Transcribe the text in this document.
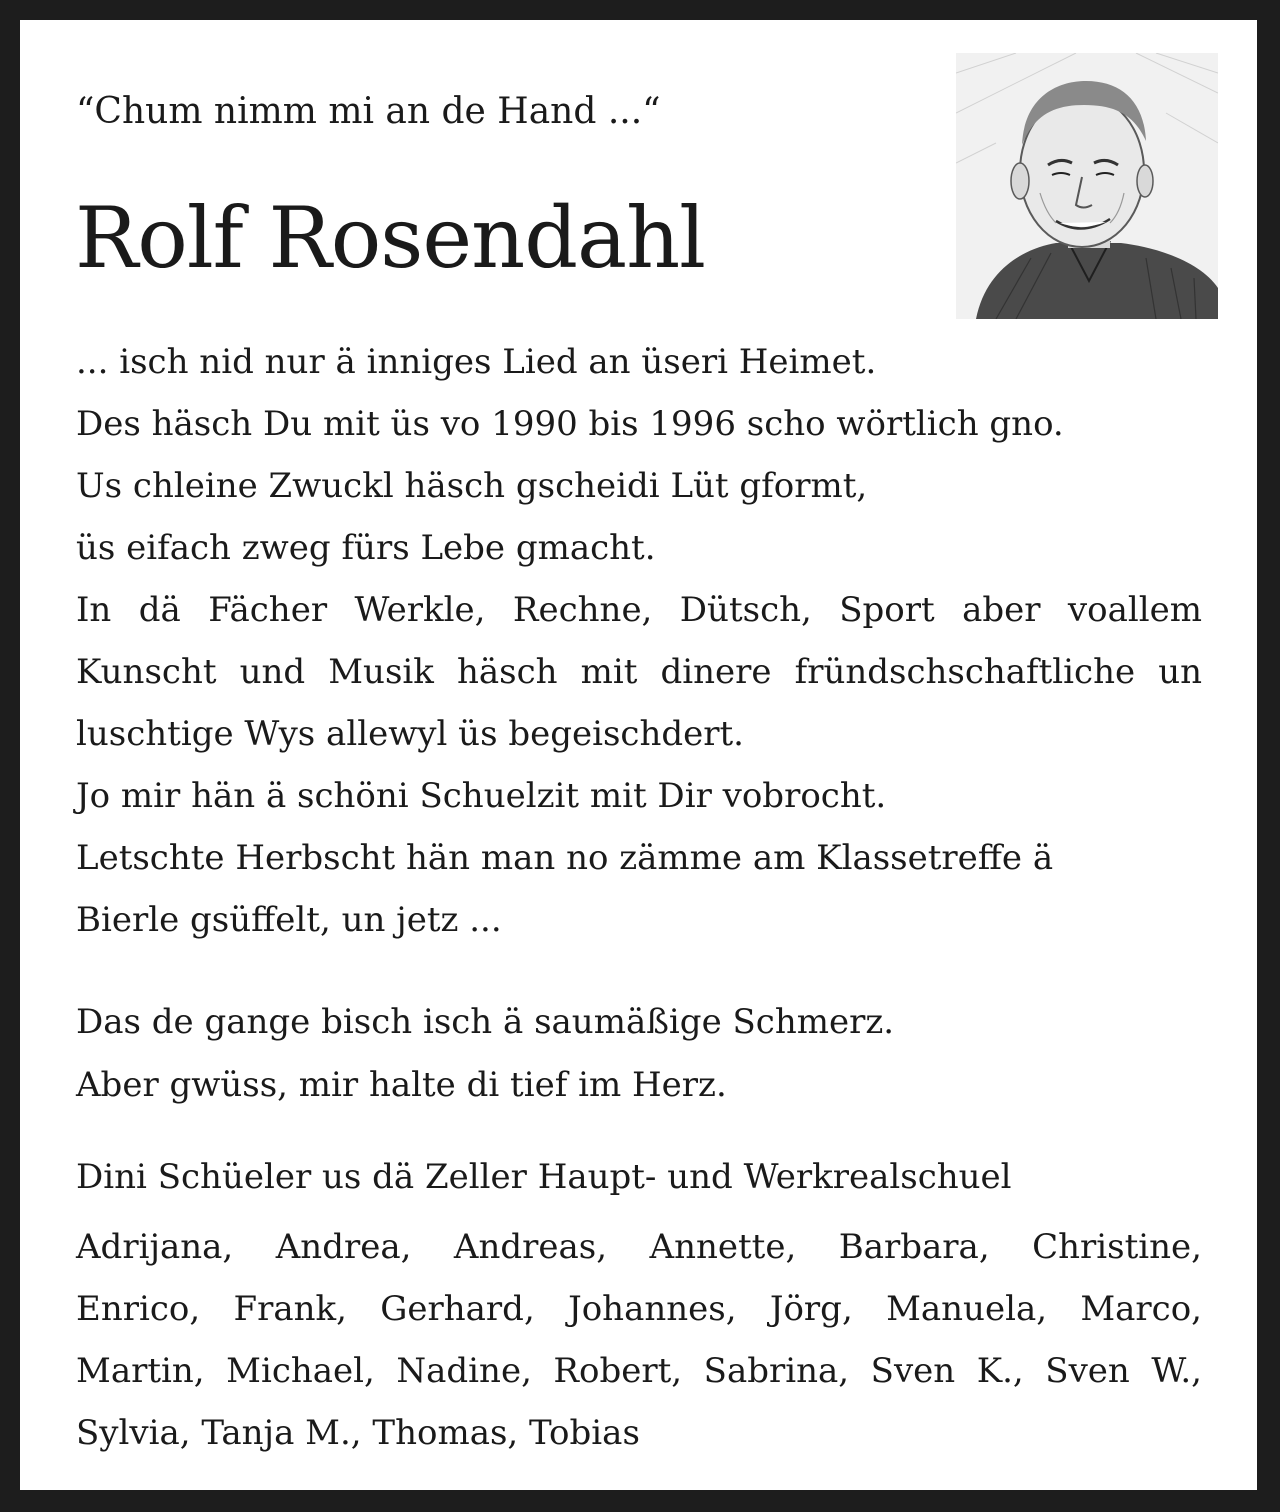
“Chum nimm mi an de Hand ...“
Rolf Rosendahl
... isch nid nur ä inniges Lied an üseri Heimet.
Des häsch Du mit üs vo 1990 bis 1996 scho wörtlich gno.
Us chleine Zwuckl häsch gscheidi Lüt gformt,
üs eifach zweg fürs Lebe gmacht.
In dä Fächer Werkle, Rechne, Dütsch, Sport aber voallem
Kunscht und Musik häsch mit dinere fründschschaftliche un
luschtige Wys allewyl üs begeischdert.
Jo mir hän ä schöni Schuelzit mit Dir vobrocht.
Letschte Herbscht hän man no zämme am Klassetreffe ä
Bierle gsüffelt, un jetz ...
Das de gange bisch isch ä saumäßige Schmerz.
Aber gwüss, mir halte di tief im Herz.
Dini Schüeler us dä Zeller Haupt- und Werkrealschuel
Adrijana, Andrea, Andreas, Annette, Barbara, Christine,
Enrico, Frank, Gerhard, Johannes, Jörg, Manuela, Marco,
Martin, Michael, Nadine, Robert, Sabrina, Sven K., Sven W.,
Sylvia, Tanja M., Thomas, Tobias
